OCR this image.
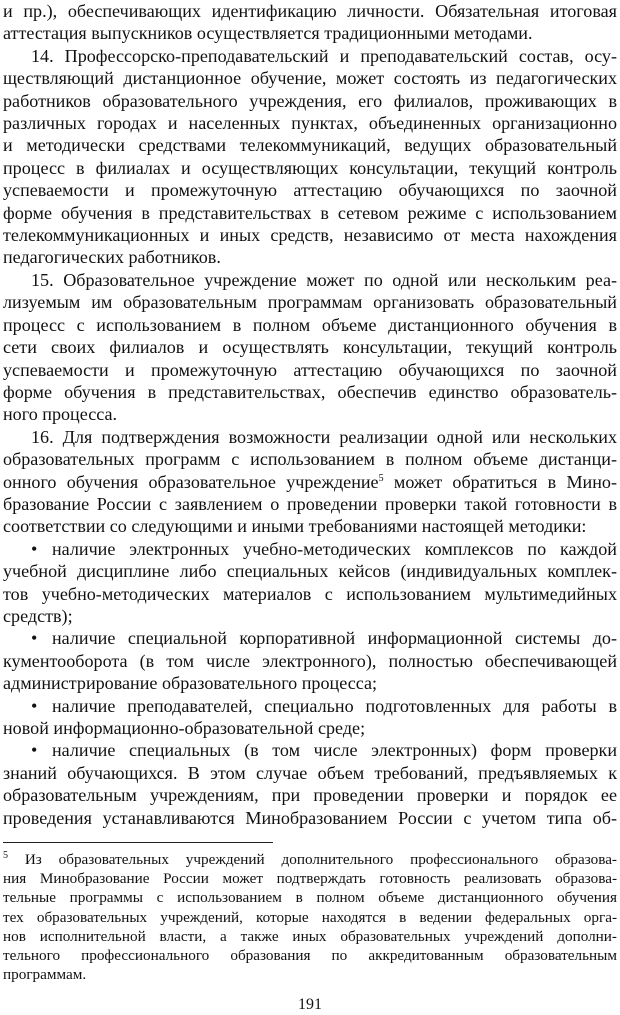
и пр.), обеспечивающих идентификацию личности. Обязательная итоговая
аттестация выпускников осуществляется традиционными методами.
14. Профессорско-преподавательский и преподавательский состав, осу-
ществляющий дистанционное обучение, может состоять из педагогических
работников образовательного учреждения, его филиалов, проживающих в
различных городах и населенных пунктах, объединенных организационно
и методически средствами телекоммуникаций, ведущих образовательный
процесс в филиалах и осуществляющих консультации, текущий контроль
успеваемости и промежуточную аттестацию обучающихся по заочной
форме обучения в представительствах в сетевом режиме с использованием
телекоммуникационных и иных средств, независимо от места нахождения
педагогических работников.
15. Образовательное учреждение может по одной или нескольким реа-
лизуемым им образовательным программам организовать образовательный
процесс с использованием в полном объеме дистанционного обучения в
сети своих филиалов и осуществлять консультации, текущий контроль
успеваемости и промежуточную аттестацию обучающихся по заочной
форме обучения в представительствах, обеспечив единство образователь-
ного процесса.
16. Для подтверждения возможности реализации одной или нескольких
образовательных программ с использованием в полном объеме дистанци-
онного обучения образовательное учреждение$^5$ может обратиться в Мино-
бразование России с заявлением о проведении проверки такой готовности в
соответствии со следующими и иными требованиями настоящей методики:
• наличие электронных учебно-методических комплексов по каждой
учебной дисциплине либо специальных кейсов (индивидуальных комплек-
тов учебно-методических материалов с использованием мультимедийных
средств);
• наличие специальной корпоративной информационной системы до-
кументооборота (в том числе электронного), полностью обеспечивающей
администрирование образовательного процесса;
• наличие преподавателей, специально подготовленных для работы в
новой информационно-образовательной среде;
• наличие специальных (в том числе электронных) форм проверки
знаний обучающихся. В этом случае объем требований, предъявляемых к
образовательным учреждениям, при проведении проверки и порядок ее
проведения устанавливаются Минобразованием России с учетом типа об-
$^5$ Из образовательных учреждений дополнительного профессионального образова-
ния Минобразование России может подтверждать готовность реализовать образова-
тельные программы с использованием в полном объеме дистанционного обучения
тех образовательных учреждений, которые находятся в ведении федеральных орга-
нов исполнительной власти, а также иных образовательных учреждений дополни-
тельного профессионального образования по аккредитованным образовательным
программам.
191
